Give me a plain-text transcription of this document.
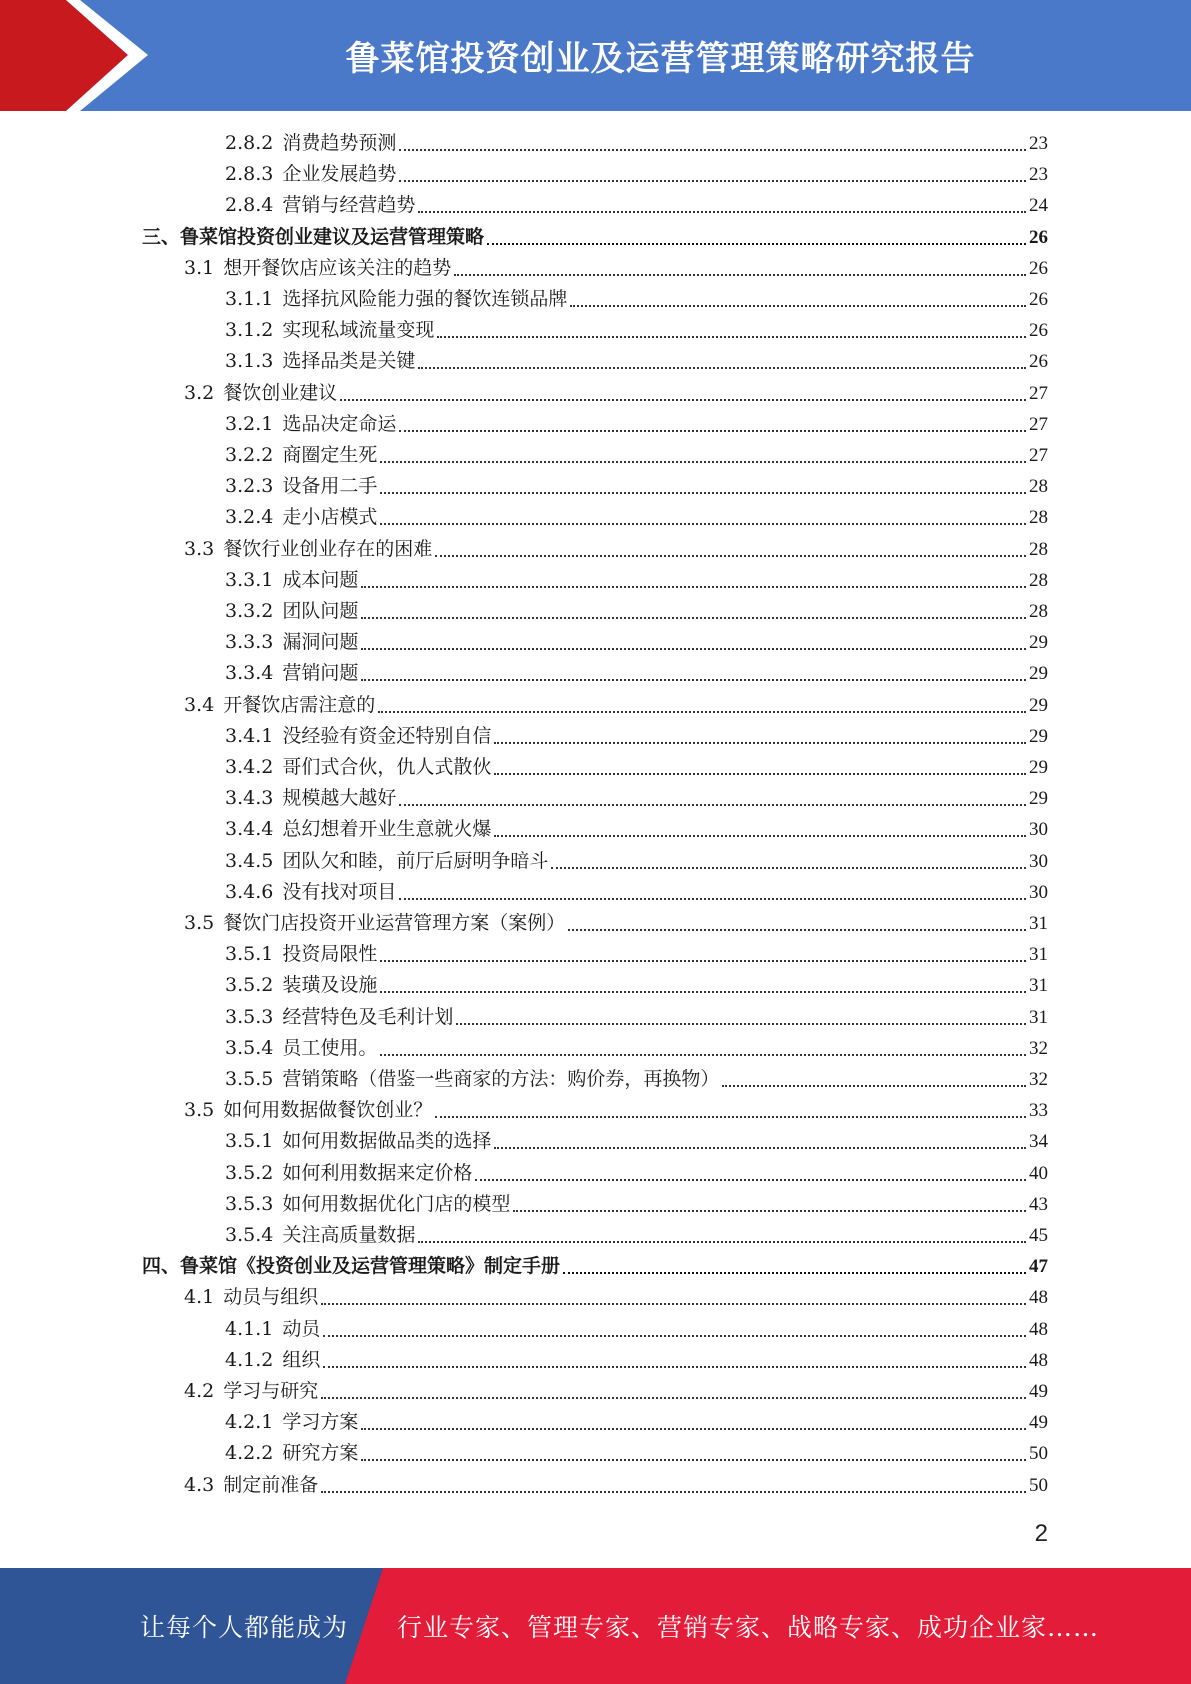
鲁菜馆投资创业及运营管理策略研究报告
2.8.2 消费趋势预测	23
2.8.3 企业发展趋势	23
2.8.4 营销与经营趋势	24
三、鲁菜馆投资创业建议及运营管理策略	26
3.1 想开餐饮店应该关注的趋势	26
3.1.1 选择抗风险能力强的餐饮连锁品牌	26
3.1.2 实现私域流量变现	26
3.1.3 选择品类是关键	26
3.2 餐饮创业建议	27
3.2.1 选品决定命运	27
3.2.2 商圈定生死	27
3.2.3 设备用二手	28
3.2.4 走小店模式	28
3.3 餐饮行业创业存在的困难	28
3.3.1 成本问题	28
3.3.2 团队问题	28
3.3.3 漏洞问题	29
3.3.4 营销问题	29
3.4 开餐饮店需注意的	29
3.4.1 没经验有资金还特别自信	29
3.4.2 哥们式合伙，仇人式散伙	29
3.4.3 规模越大越好	29
3.4.4 总幻想着开业生意就火爆	30
3.4.5 团队欠和睦，前厅后厨明争暗斗	30
3.4.6 没有找对项目	30
3.5 餐饮门店投资开业运营管理方案（案例）	31
3.5.1 投资局限性	31
3.5.2 装璜及设施	31
3.5.3 经营特色及毛利计划	31
3.5.4 员工使用。	32
3.5.5 营销策略（借鉴一些商家的方法：购价券，再换物）	32
3.5 如何用数据做餐饮创业？	33
3.5.1 如何用数据做品类的选择	34
3.5.2 如何利用数据来定价格	40
3.5.3 如何用数据优化门店的模型	43
3.5.4 关注高质量数据	45
四、鲁菜馆《投资创业及运营管理策略》制定手册	47
4.1 动员与组织	48
4.1.1 动员	48
4.1.2 组织	48
4.2 学习与研究	49
4.2.1 学习方案	49
4.2.2 研究方案	50
4.3 制定前准备	50
2
让每个人都能成为 行业专家、管理专家、营销专家、战略专家、成功企业家……
